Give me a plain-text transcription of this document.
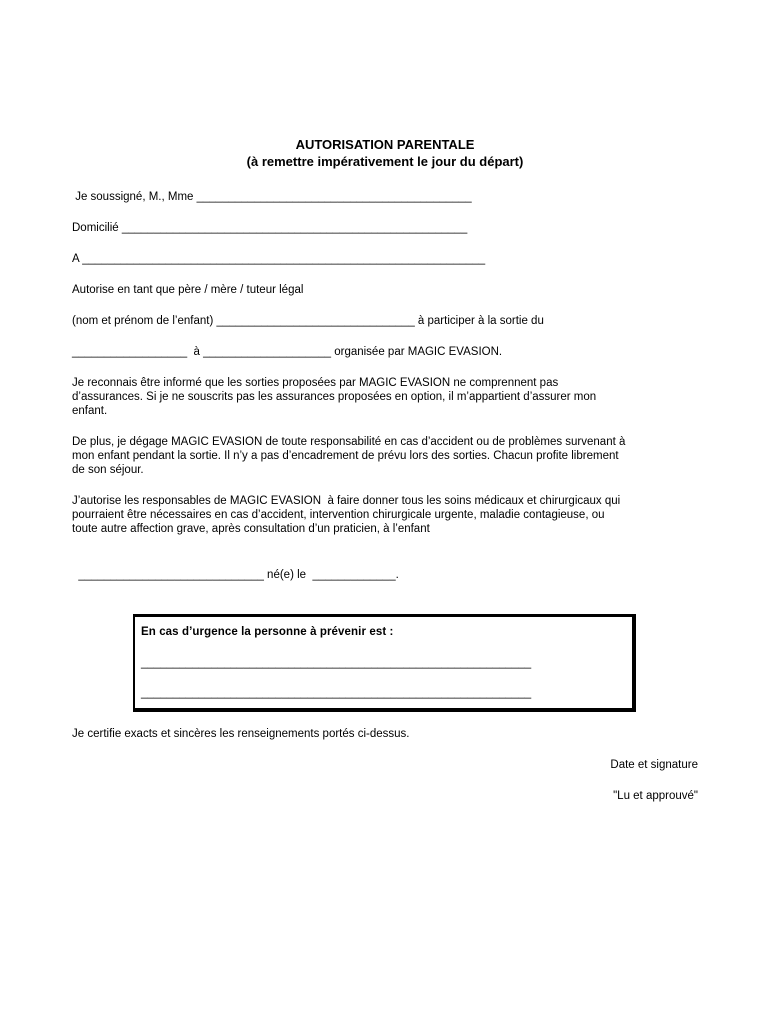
AUTORISATION PARENTALE
(à remettre impérativement le jour du départ)
Je soussigné, M., Mme ___________________________________________
Domicilié ______________________________________________________
A _______________________________________________________________
Autorise en tant que père / mère / tuteur légal
(nom et prénom de l’enfant) _______________________________ à participer à la sortie du
__________________  à ____________________ organisée par MAGIC EVASION.
Je reconnais être informé que les sorties proposées par MAGIC EVASION ne comprennent pas
d’assurances. Si je ne souscrits pas les assurances proposées en option, il m’appartient d’assurer mon
enfant.
De plus, je dégage MAGIC EVASION de toute responsabilité en cas d’accident ou de problèmes survenant à
mon enfant pendant la sortie. Il n’y a pas d’encadrement de prévu lors des sorties. Chacun profite librement
de son séjour.
J’autorise les responsables de MAGIC EVASION  à faire donner tous les soins médicaux et chirurgicaux qui
pourraient être nécessaires en cas d’accident, intervention chirurgicale urgente, maladie contagieuse, ou
toute autre affection grave, après consultation d’un praticien, à l’enfant
_____________________________ né(e) le  _____________.
En cas d’urgence la personne à prévenir est :
_____________________________________________________________
_____________________________________________________________
Je certifie exacts et sincères les renseignements portés ci-dessus.
Date et signature
"Lu et approuvé"
